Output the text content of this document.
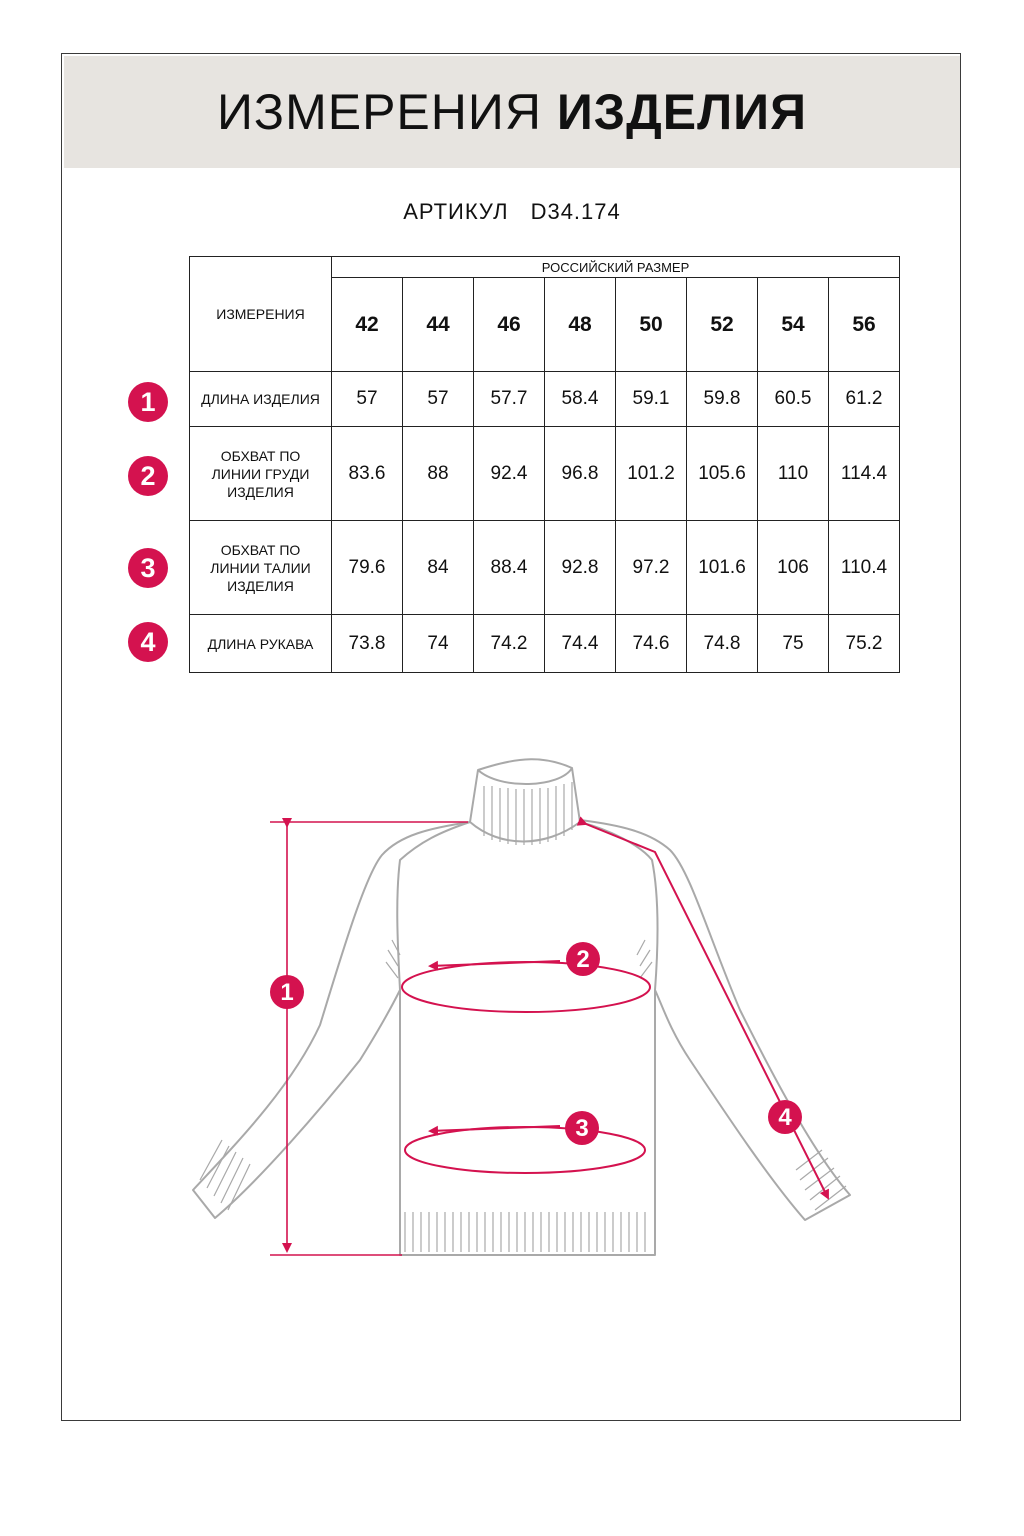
ИЗМЕРЕНИЯ ИЗДЕЛИЯ
АРТИКУЛ D34.174
ИЗМЕРЕНИЯ	РОССИЙСКИЙ РАЗМЕР							
	42	44	46	48	50	52	54	56
ДЛИНА ИЗДЕЛИЯ	57	57	57.7	58.4	59.1	59.8	60.5	61.2
ОБХВАТ ПО
ЛИНИИ ГРУДИ
ИЗДЕЛИЯ	83.6	88	92.4	96.8	101.2	105.6	110	114.4
ОБХВАТ ПО
ЛИНИИ ТАЛИИ
ИЗДЕЛИЯ	79.6	84	88.4	92.8	97.2	101.6	106	110.4
ДЛИНА РУКАВА	73.8	74	74.2	74.4	74.6	74.8	75	75.2
1
2
3
4
1
2
3	4
